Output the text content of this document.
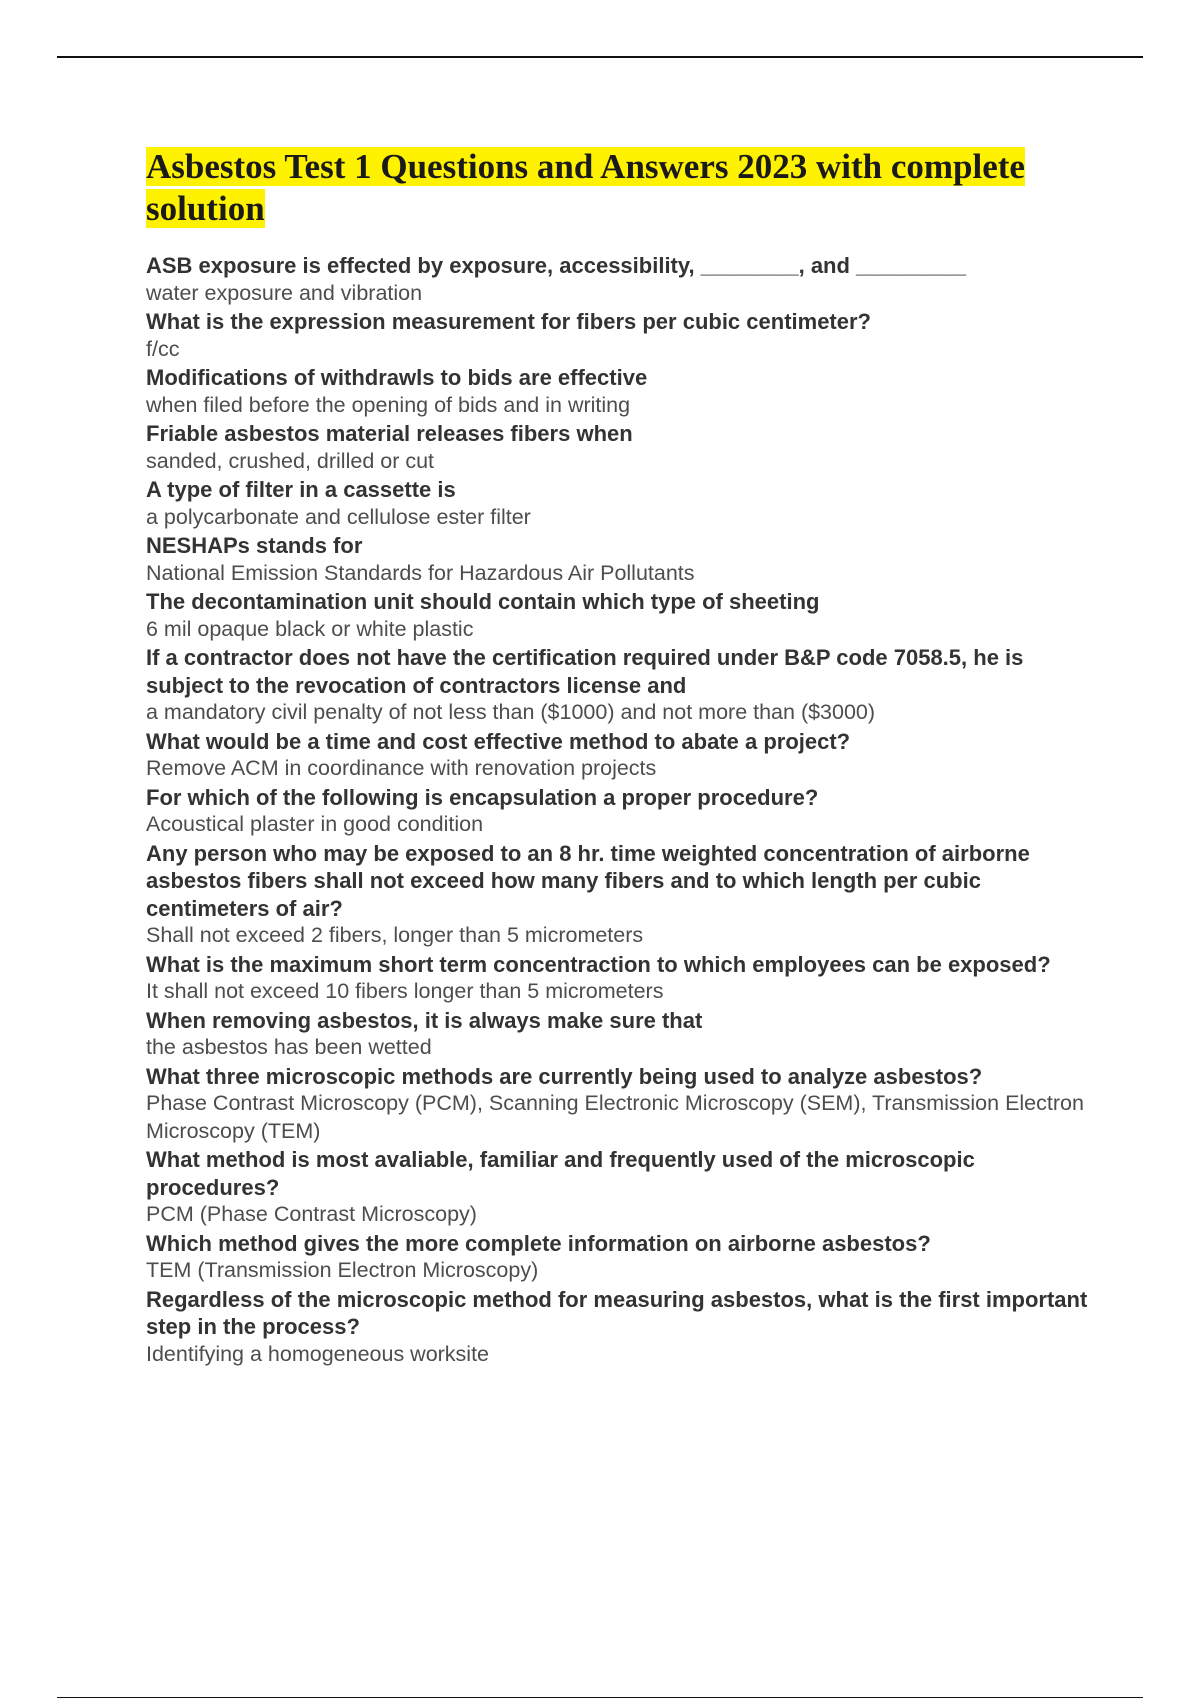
Asbestos Test 1 Questions and Answers 2023 with complete solution

ASB exposure is effected by exposure, accessibility, ________, and _________

water exposure and vibration

What is the expression measurement for fibers per cubic centimeter?

f/cc

Modifications of withdrawls to bids are effective

when filed before the opening of bids and in writing

Friable asbestos material releases fibers when

sanded, crushed, drilled or cut

A type of filter in a cassette is

a polycarbonate and cellulose ester filter

NESHAPs stands for

National Emission Standards for Hazardous Air Pollutants

The decontamination unit should contain which type of sheeting

6 mil opaque black or white plastic

If a contractor does not have the certification required under B&P code 7058.5, he is subject to the revocation of contractors license and

a mandatory civil penalty of not less than ($1000) and not more than ($3000)

What would be a time and cost effective method to abate a project?

Remove ACM in coordinance with renovation projects

For which of the following is encapsulation a proper procedure?

Acoustical plaster in good condition

Any person who may be exposed to an 8 hr. time weighted concentration of airborne asbestos fibers shall not exceed how many fibers and to which length per cubic centimeters of air?

Shall not exceed 2 fibers, longer than 5 micrometers

What is the maximum short term concentraction to which employees can be exposed?

It shall not exceed 10 fibers longer than 5 micrometers

When removing asbestos, it is always make sure that

the asbestos has been wetted

What three microscopic methods are currently being used to analyze asbestos?

Phase Contrast Microscopy (PCM), Scanning Electronic Microscopy (SEM), Transmission Electron Microscopy (TEM)

What method is most avaliable, familiar and frequently used of the microscopic procedures?

PCM (Phase Contrast Microscopy)

Which method gives the more complete information on airborne asbestos?

TEM (Transmission Electron Microscopy)

Regardless of the microscopic method for measuring asbestos, what is the first important step in the process?

Identifying a homogeneous worksite
